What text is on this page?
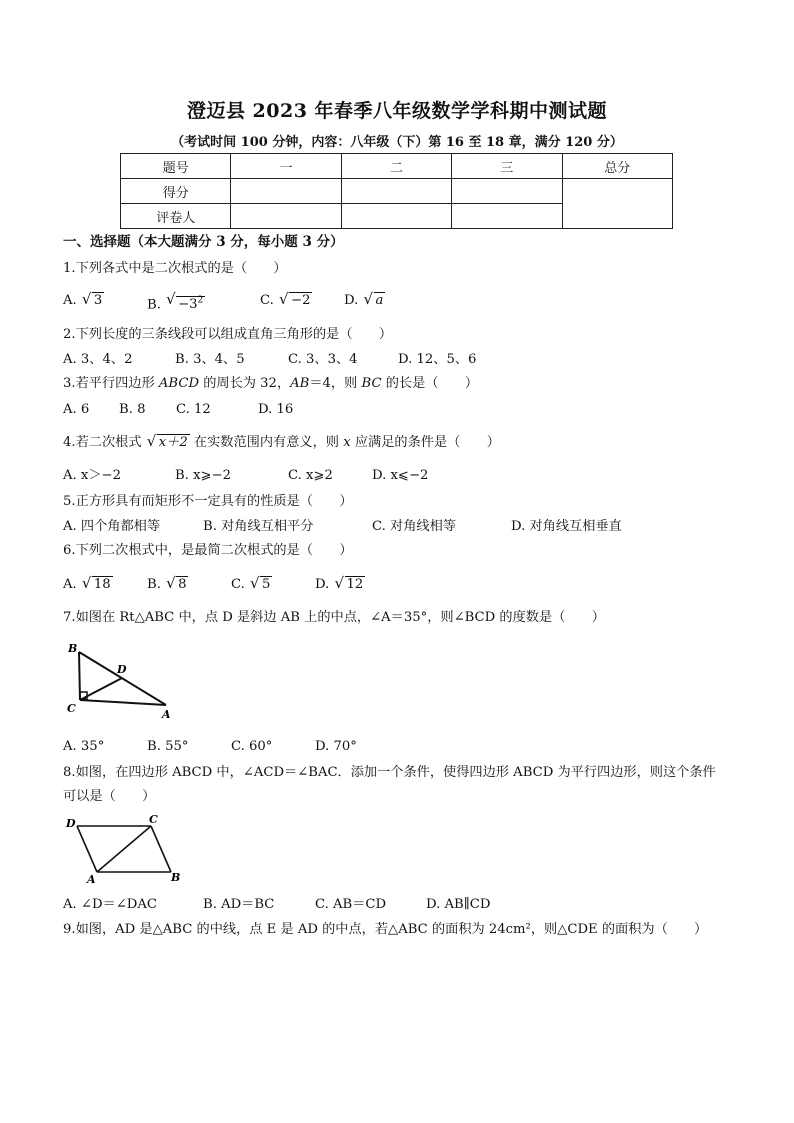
澄迈县 2023 年春季八年级数学学科期中测试题
（考试时间 100 分钟，内容：八年级（下）第 16 至 18 章，满分 120 分）
题号	一	二	三	总分
得分				
评卷人				
一、选择题（本大题满分 3 分，每小题 3 分）
1.下列各式中是二次根式的是（　　）
A. √ 3	B. √ $-3^2$	C. √ −2	D. √ a
2.下列长度的三条线段可以组成直角三角形的是（　　）
A. 3、4、2	B. 3、4、5	C. 3、3、4	D. 12、5、6
3.若平行四边形 ABCD 的周长为 32，AB＝4，则 BC 的长是（　　）
A. 6 B. 8 C. 12	D. 16
4.若二次根式 √ x＋2 在实数范围内有意义，则 x 应满足的条件是（　　）
A. x＞−2	B. x⩾−2	C. x⩾2	D. x⩽−2
5.正方形具有而矩形不一定具有的性质是（　　）
A. 四个角都相等	B. 对角线互相平分	C. 对角线相等	D. 对角线互相垂直
6.下列二次根式中，是最简二次根式的是（　　）
A. √ 18	B. √ 8	C. √ 5	D. √ 12
7.如图在 Rt△ABC 中，点 D 是斜边 AB 上的中点，∠A＝35°，则∠BCD 的度数是（　　）
B
D
C	A
A. 35°	B. 55°	C. 60°	D. 70°
8.如图，在四边形 ABCD 中，∠ACD＝∠BAC．添加一个条件，使得四边形 ABCD 为平行四边形，则这个条件
可以是（　　）
D	C
A	B
A. ∠D＝∠DAC	B. AD＝BC	C. AB＝CD	D. AB∥CD
9.如图，AD 是△ABC 的中线，点 E 是 AD 的中点，若△ABC 的面积为 24cm²，则△CDE 的面积为（　　）
